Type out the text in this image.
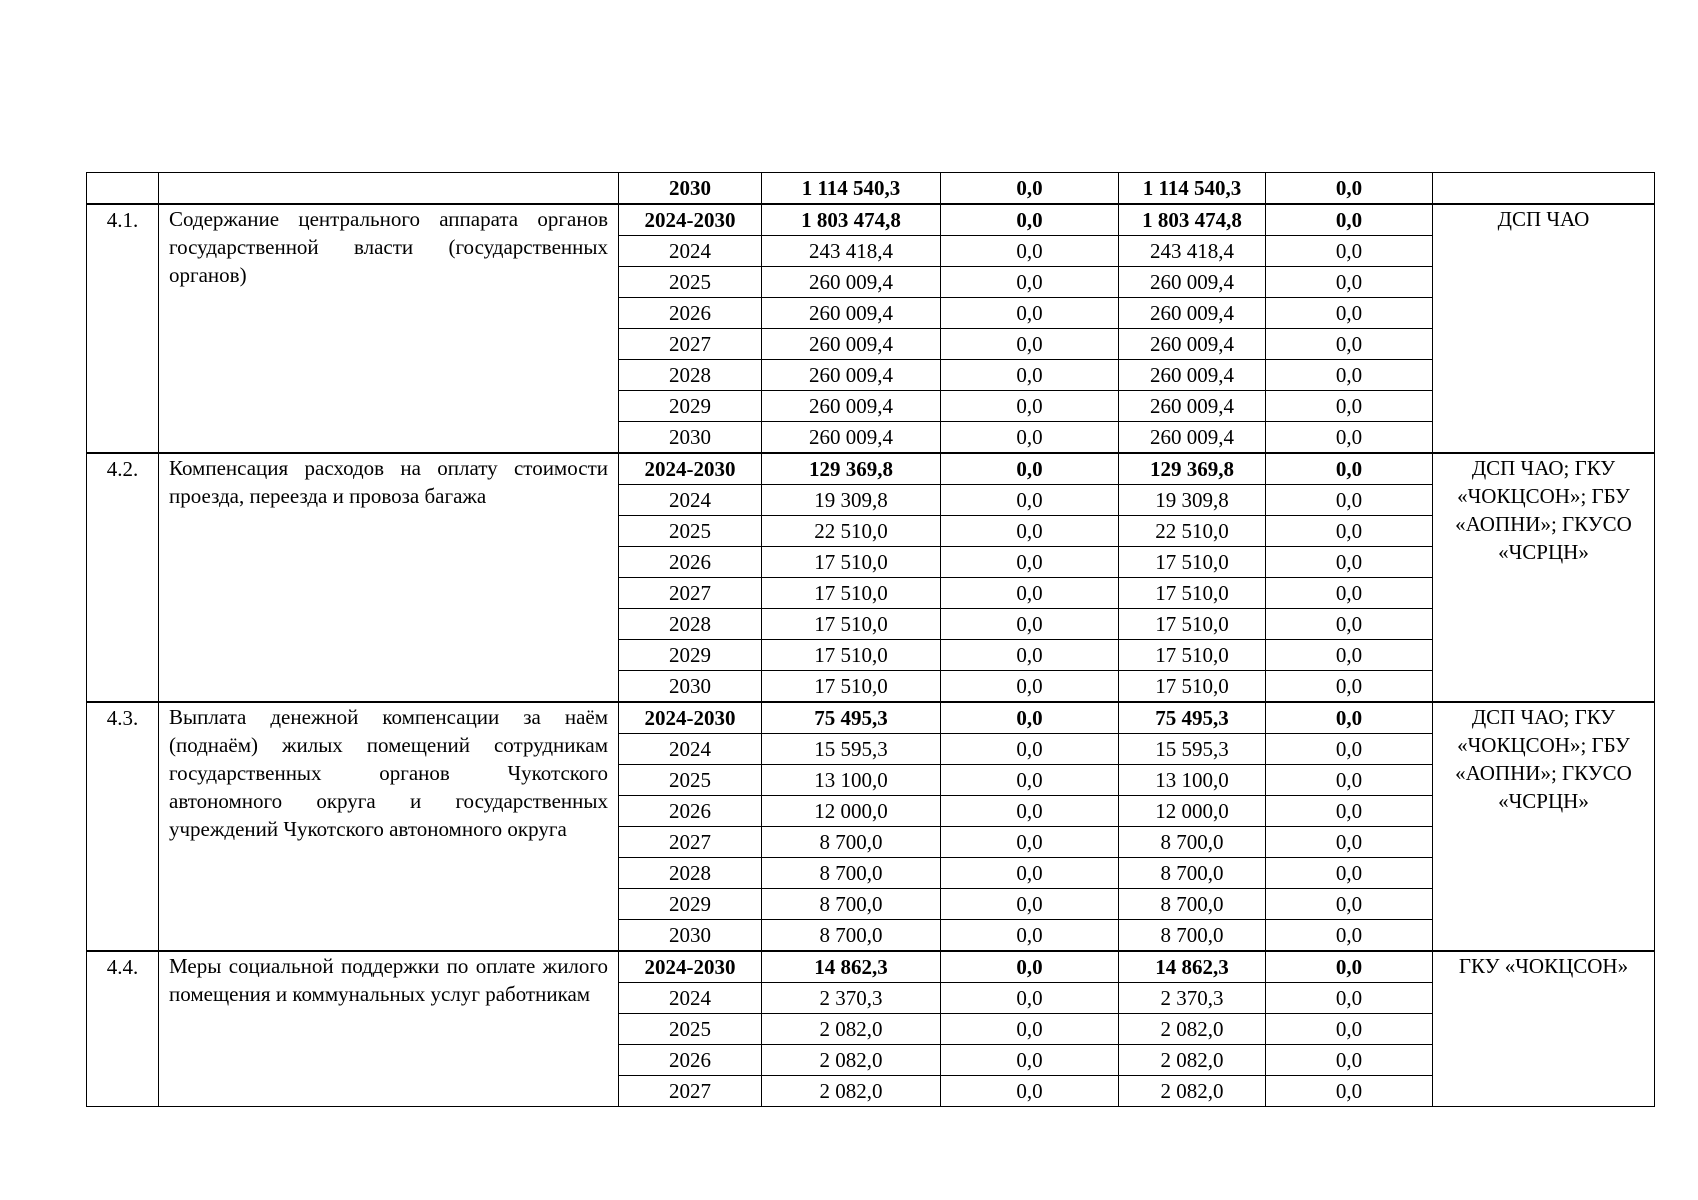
		2030	1 114 540,3	0,0	1 114 540,3	0,0	
4.1.	Содержание центрального аппарата органов государственной власти (государственных органов)	2024-2030	1 803 474,8	0,0	1 803 474,8	0,0	ДСП ЧАО
		2024	243 418,4	0,0	243 418,4	0,0	
		2025	260 009,4	0,0	260 009,4	0,0	
		2026	260 009,4	0,0	260 009,4	0,0	
		2027	260 009,4	0,0	260 009,4	0,0	
		2028	260 009,4	0,0	260 009,4	0,0	
		2029	260 009,4	0,0	260 009,4	0,0	
		2030	260 009,4	0,0	260 009,4	0,0	
4.2.	Компенсация расходов на оплату стоимости проезда, переезда и провоза багажа	2024-2030	129 369,8	0,0	129 369,8	0,0	ДСП ЧАО; ГКУ «ЧОКЦСОН»; ГБУ «АОПНИ»; ГКУСО «ЧСРЦН»
		2024	19 309,8	0,0	19 309,8	0,0	
		2025	22 510,0	0,0	22 510,0	0,0	
		2026	17 510,0	0,0	17 510,0	0,0	
		2027	17 510,0	0,0	17 510,0	0,0	
		2028	17 510,0	0,0	17 510,0	0,0	
		2029	17 510,0	0,0	17 510,0	0,0	
		2030	17 510,0	0,0	17 510,0	0,0	
4.3.	Выплата денежной компенсации за наём (поднаём) жилых помещений сотрудникам государственных органов Чукотского автономного округа и государственных учреждений Чукотского автономного округа	2024-2030	75 495,3	0,0	75 495,3	0,0	ДСП ЧАО; ГКУ «ЧОКЦСОН»; ГБУ «АОПНИ»; ГКУСО «ЧСРЦН»
		2024	15 595,3	0,0	15 595,3	0,0	
		2025	13 100,0	0,0	13 100,0	0,0	
		2026	12 000,0	0,0	12 000,0	0,0	
		2027	8 700,0	0,0	8 700,0	0,0	
		2028	8 700,0	0,0	8 700,0	0,0	
		2029	8 700,0	0,0	8 700,0	0,0	
		2030	8 700,0	0,0	8 700,0	0,0	
4.4.	Меры социальной поддержки по оплате жилого помещения и коммунальных услуг работникам	2024-2030	14 862,3	0,0	14 862,3	0,0	ГКУ «ЧОКЦСОН»
		2024	2 370,3	0,0	2 370,3	0,0	
		2025	2 082,0	0,0	2 082,0	0,0	
		2026	2 082,0	0,0	2 082,0	0,0	
		2027	2 082,0	0,0	2 082,0	0,0	
